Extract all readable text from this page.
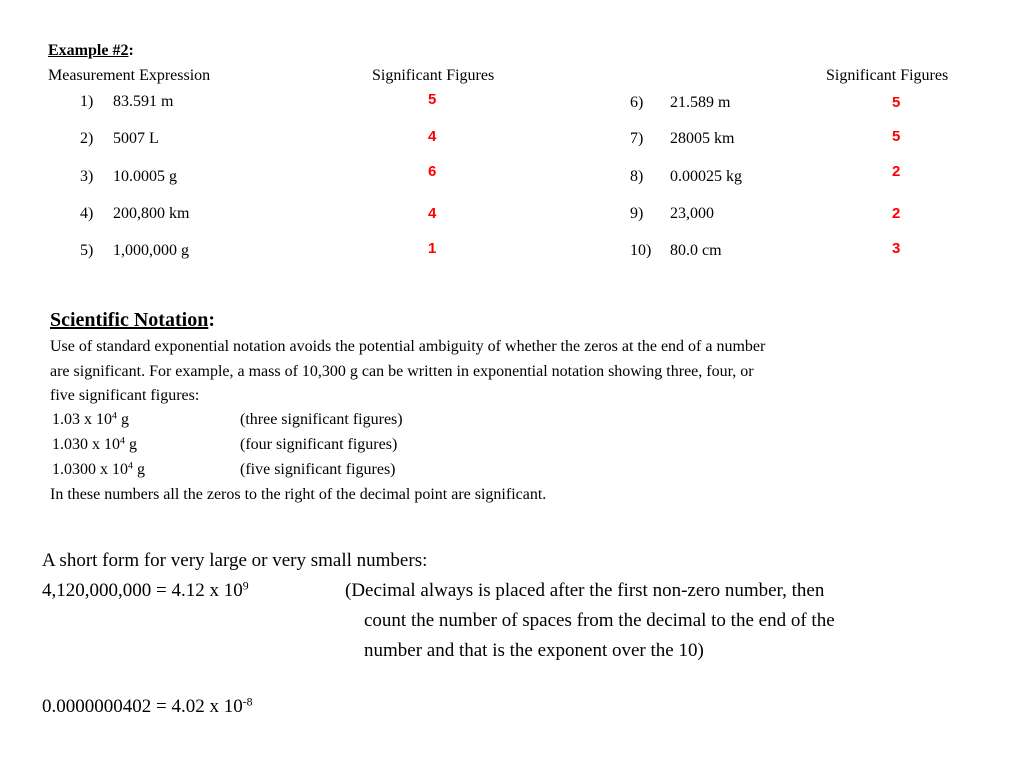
Example #2:
Measurement Expression	Significant Figures	Significant Figures
1) 83.591 m	5
2) 5007 L	4
3) 10.0005 g	6
4) 200,800 km	4
5) 1,000,000 g	1
6) 21.589 m	5
7) 28005 km	5
8) 0.00025 kg	2
9) 23,000	2
10) 80.0 cm	3
Scientific Notation:
Use of standard exponential notation avoids the potential ambiguity of whether the zeros at the end of a number
are significant. For example, a mass of 10,300 g can be written in exponential notation showing three, four, or
five significant figures:
1.03 x $10^4$ g	(three significant figures)
1.030 x $10^4$ g	(four significant figures)
1.0300 x $10^4$ g	(five significant figures)
In these numbers all the zeros to the right of the decimal point are significant.
A short form for very large or very small numbers:
4,120,000,000 = 4.12 x $10^9$	(Decimal always is placed after the first non-zero number, then
count the number of spaces from the decimal to the end of the
number and that is the exponent over the 10)
0.0000000402 = 4.02 x $10^{-8}$
